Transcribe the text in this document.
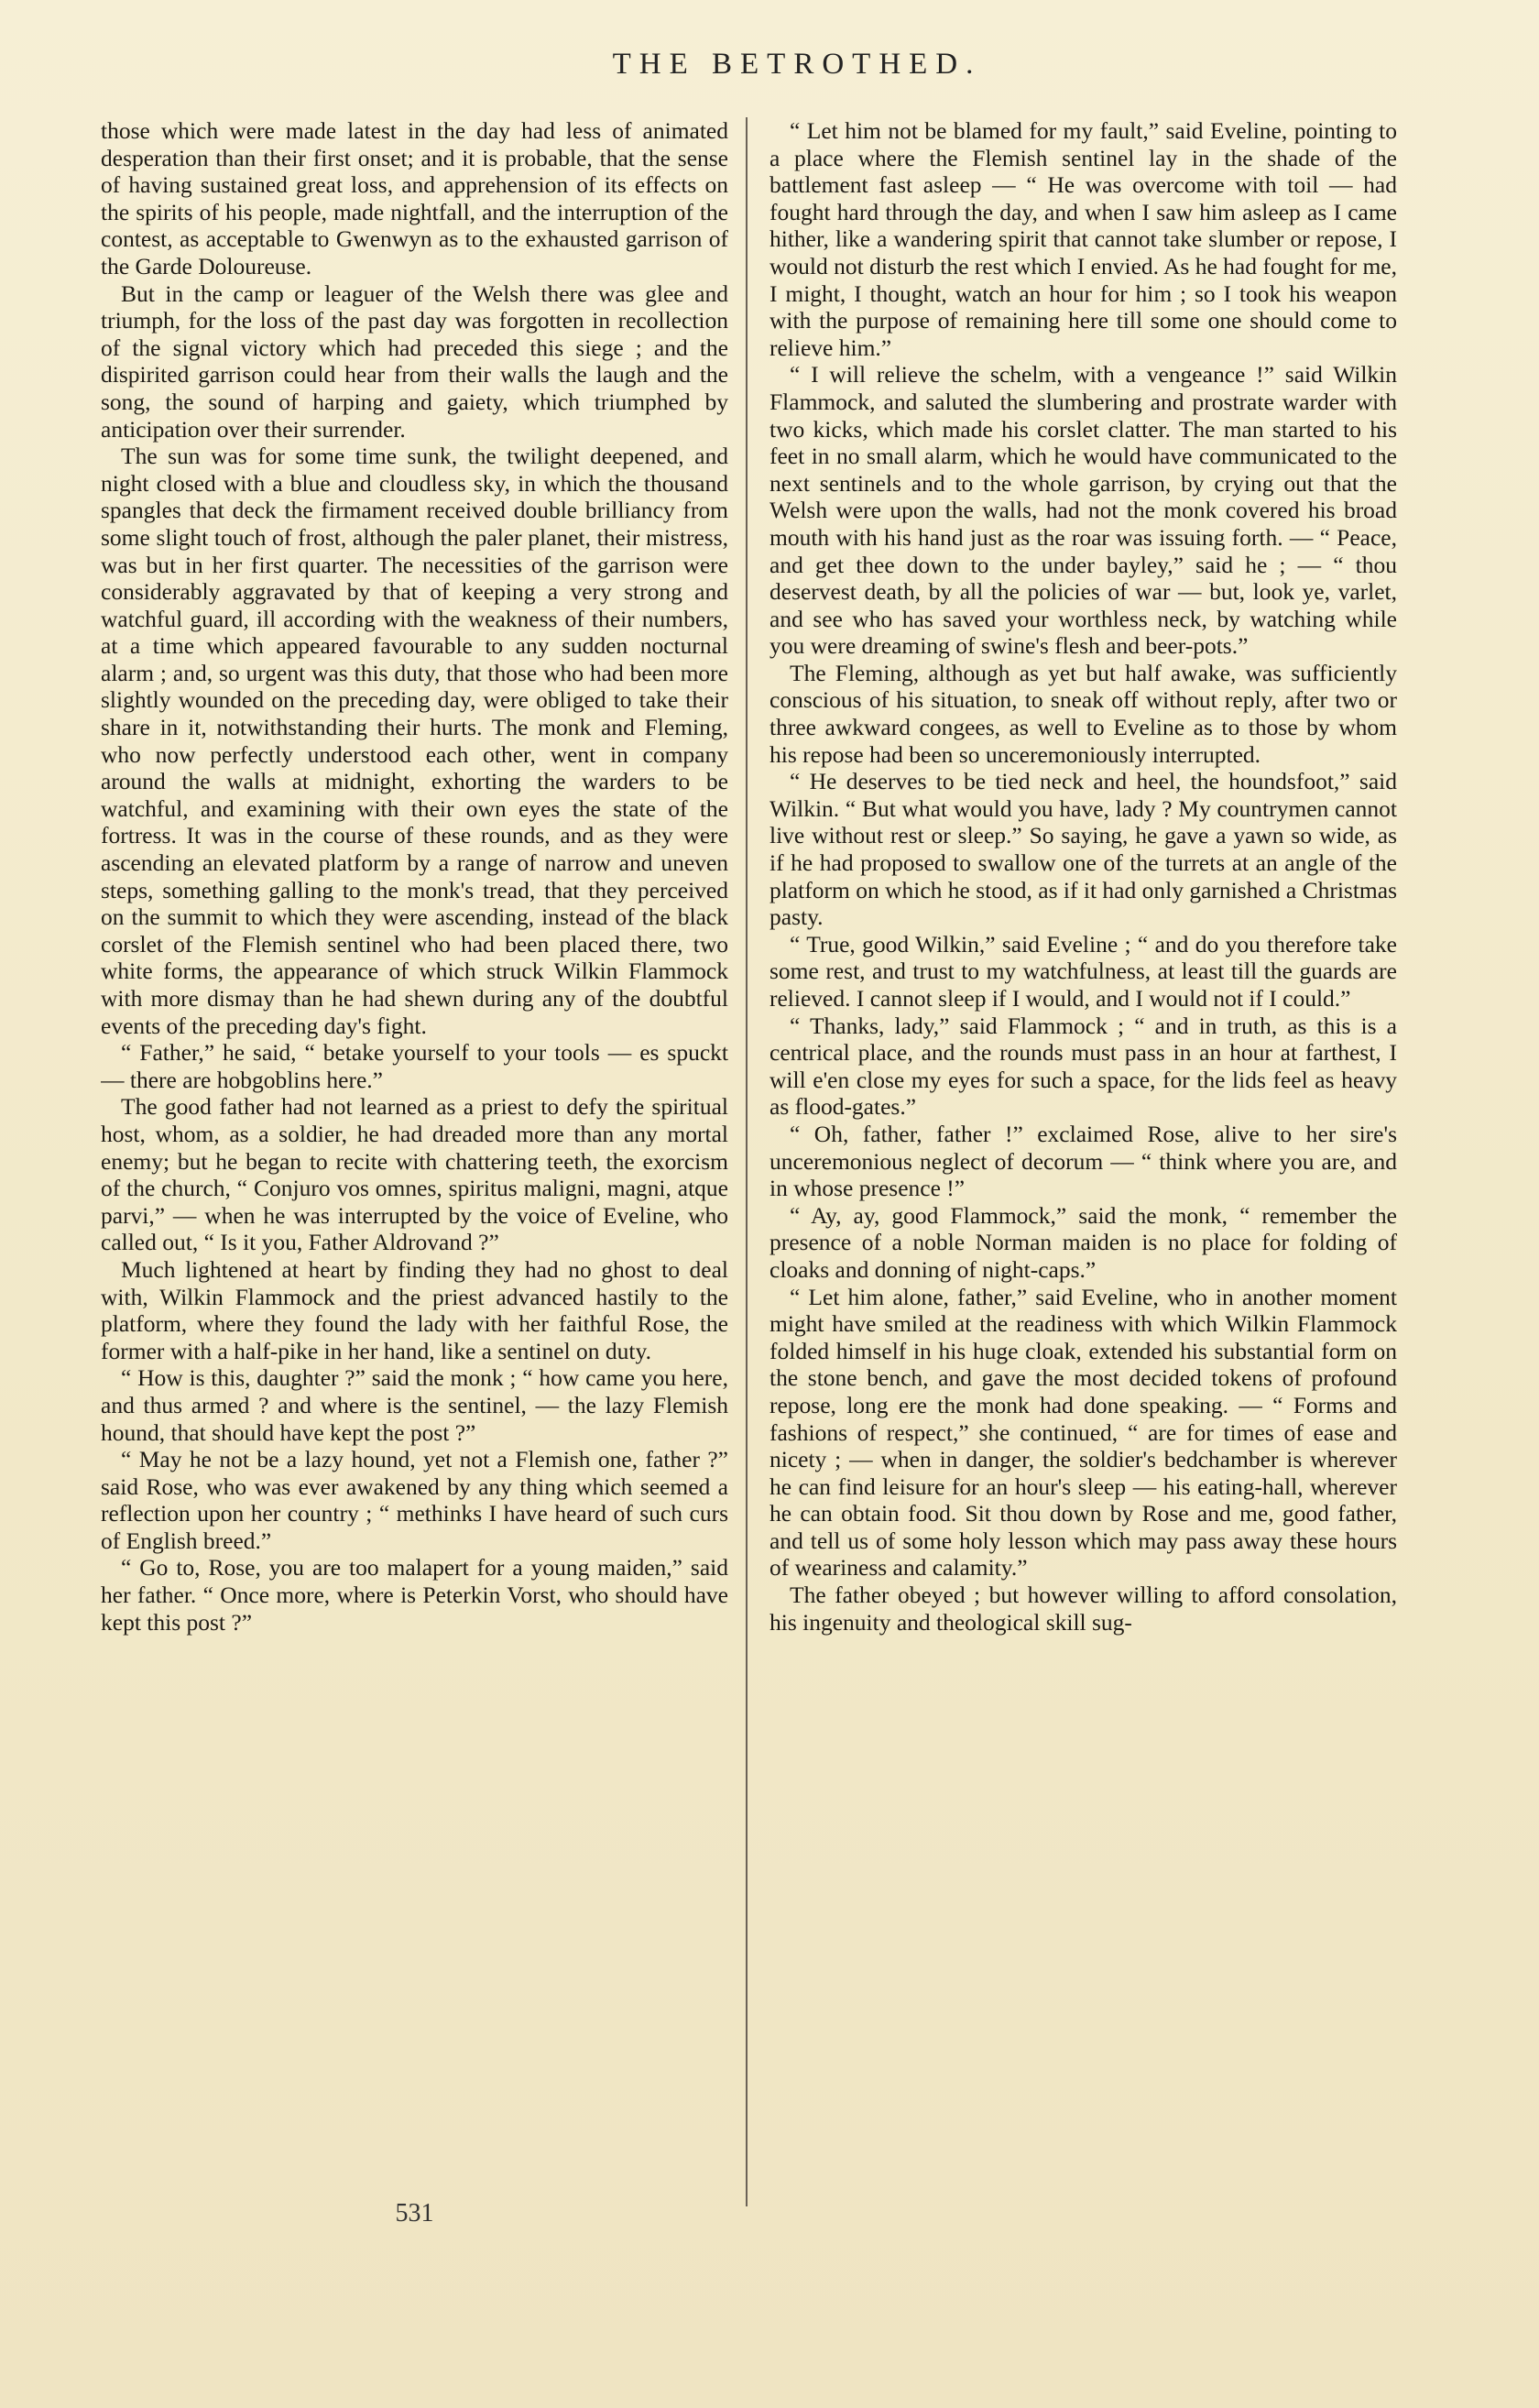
THE BETROTHED.

those which were made latest in the day had less of animated desperation than their first onset; and it is probable, that the sense of having sustained great loss, and apprehension of its effects on the spirits of his people, made nightfall, and the interruption of the contest, as acceptable to Gwenwyn as to the exhausted garrison of the Garde Doloureuse.

But in the camp or leaguer of the Welsh there was glee and triumph, for the loss of the past day was forgotten in recollection of the signal victory which had preceded this siege ; and the dispirited garrison could hear from their walls the laugh and the song, the sound of harping and gaiety, which triumphed by anticipation over their surrender.

The sun was for some time sunk, the twilight deepened, and night closed with a blue and cloudless sky, in which the thousand spangles that deck the firmament received double brilliancy from some slight touch of frost, although the paler planet, their mistress, was but in her first quarter. The necessities of the garrison were considerably aggravated by that of keeping a very strong and watchful guard, ill according with the weakness of their numbers, at a time which appeared favourable to any sudden nocturnal alarm ; and, so urgent was this duty, that those who had been more slightly wounded on the preceding day, were obliged to take their share in it, notwithstanding their hurts. The monk and Fleming, who now perfectly understood each other, went in company around the walls at midnight, exhorting the warders to be watchful, and examining with their own eyes the state of the fortress. It was in the course of these rounds, and as they were ascending an elevated platform by a range of narrow and uneven steps, something galling to the monk's tread, that they perceived on the summit to which they were ascending, instead of the black corslet of the Flemish sentinel who had been placed there, two white forms, the appearance of which struck Wilkin Flammock with more dismay than he had shewn during any of the doubtful events of the preceding day's fight.

“ Father,” he said, “ betake yourself to your tools — es spuckt — there are hobgoblins here.”

The good father had not learned as a priest to defy the spiritual host, whom, as a soldier, he had dreaded more than any mortal enemy; but he began to recite with chattering teeth, the exorcism of the church, “ Conjuro vos omnes, spiritus maligni, magni, atque parvi,” — when he was interrupted by the voice of Eveline, who called out, “ Is it you, Father Aldrovand ?”

Much lightened at heart by finding they had no ghost to deal with, Wilkin Flammock and the priest advanced hastily to the platform, where they found the lady with her faithful Rose, the former with a half-pike in her hand, like a sentinel on duty.

“ How is this, daughter ?” said the monk ; “ how came you here, and thus armed ? and where is the sentinel, — the lazy Flemish hound, that should have kept the post ?”

“ May he not be a lazy hound, yet not a Flemish one, father ?” said Rose, who was ever awakened by any thing which seemed a reflection upon her country ; “ methinks I have heard of such curs of English breed.”

“ Go to, Rose, you are too malapert for a young maiden,” said her father. “ Once more, where is Peterkin Vorst, who should have kept this post ?”

“ Let him not be blamed for my fault,” said Eveline, pointing to a place where the Flemish sentinel lay in the shade of the battlement fast asleep — “ He was overcome with toil — had fought hard through the day, and when I saw him asleep as I came hither, like a wandering spirit that cannot take slumber or repose, I would not disturb the rest which I envied. As he had fought for me, I might, I thought, watch an hour for him ; so I took his weapon with the purpose of remaining here till some one should come to relieve him.”

“ I will relieve the schelm, with a vengeance !” said Wilkin Flammock, and saluted the slumbering and prostrate warder with two kicks, which made his corslet clatter. The man started to his feet in no small alarm, which he would have communicated to the next sentinels and to the whole garrison, by crying out that the Welsh were upon the walls, had not the monk covered his broad mouth with his hand just as the roar was issuing forth. — “ Peace, and get thee down to the under bayley,” said he ; — “ thou deservest death, by all the policies of war — but, look ye, varlet, and see who has saved your worthless neck, by watching while you were dreaming of swine's flesh and beer-pots.”

The Fleming, although as yet but half awake, was sufficiently conscious of his situation, to sneak off without reply, after two or three awkward congees, as well to Eveline as to those by whom his repose had been so unceremoniously interrupted.

“ He deserves to be tied neck and heel, the houndsfoot,” said Wilkin. “ But what would you have, lady ? My countrymen cannot live without rest or sleep.” So saying, he gave a yawn so wide, as if he had proposed to swallow one of the turrets at an angle of the platform on which he stood, as if it had only garnished a Christmas pasty.

“ True, good Wilkin,” said Eveline ; “ and do you therefore take some rest, and trust to my watchfulness, at least till the guards are relieved. I cannot sleep if I would, and I would not if I could.”

“ Thanks, lady,” said Flammock ; “ and in truth, as this is a centrical place, and the rounds must pass in an hour at farthest, I will e'en close my eyes for such a space, for the lids feel as heavy as flood-gates.”

“ Oh, father, father !” exclaimed Rose, alive to her sire's unceremonious neglect of decorum — “ think where you are, and in whose presence !”

“ Ay, ay, good Flammock,” said the monk, “ remember the presence of a noble Norman maiden is no place for folding of cloaks and donning of night-caps.”

“ Let him alone, father,” said Eveline, who in another moment might have smiled at the readiness with which Wilkin Flammock folded himself in his huge cloak, extended his substantial form on the stone bench, and gave the most decided tokens of profound repose, long ere the monk had done speaking. — “ Forms and fashions of respect,” she continued, “ are for times of ease and nicety ; — when in danger, the soldier's bedchamber is wherever he can find leisure for an hour's sleep — his eating-hall, wherever he can obtain food. Sit thou down by Rose and me, good father, and tell us of some holy lesson which may pass away these hours of weariness and calamity.”

The father obeyed ; but however willing to afford consolation, his ingenuity and theological skill sug-

531
